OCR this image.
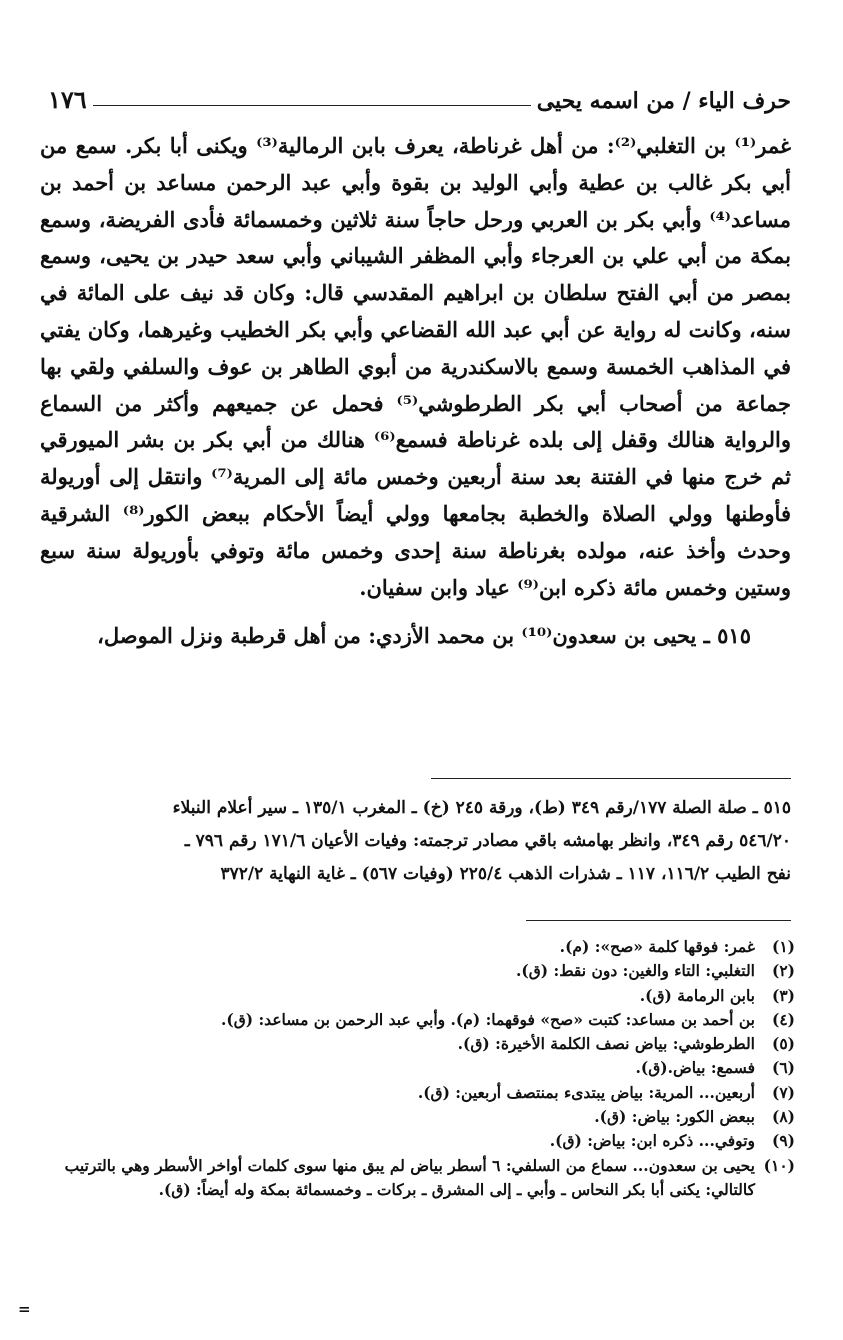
حرف الياء / من اسمه يحيى
١٧٦

غمر⁽¹⁾ بن التغلبي⁽²⁾: من أهل غرناطة، يعرف بابن الرمالية⁽³⁾ ويكنى أبا بكر. سمع من أبي بكر غالب بن عطية وأبي الوليد بن بقوة وأبي عبد الرحمن مساعد بن أحمد بن مساعد⁽⁴⁾ وأبي بكر بن العربي ورحل حاجاً سنة ثلاثين وخمسمائة فأدى الفريضة، وسمع بمكة من أبي علي بن العرجاء وأبي المظفر الشيباني وأبي سعد حيدر بن يحيى، وسمع بمصر من أبي الفتح سلطان بن ابراهيم المقدسي قال: وكان قد نيف على المائة في سنه، وكانت له رواية عن أبي عبد الله القضاعي وأبي بكر الخطيب وغيرهما، وكان يفتي في المذاهب الخمسة وسمع بالاسكندرية من أبوي الطاهر بن عوف والسلفي ولقي بها جماعة من أصحاب أبي بكر الطرطوشي⁽⁵⁾ فحمل عن جميعهم وأكثر من السماع والرواية هنالك وقفل إلى بلده غرناطة فسمع⁽⁶⁾ هنالك من أبي بكر بن بشر الميورقي ثم خرج منها في الفتنة بعد سنة أربعين وخمس مائة إلى المرية⁽⁷⁾ وانتقل إلى أوريولة فأوطنها وولي الصلاة والخطبة بجامعها وولي أيضاً الأحكام ببعض الكور⁽⁸⁾ الشرقية وحدث وأخذ عنه، مولده بغرناطة سنة إحدى وخمس مائة وتوفي بأوريولة سنة سبع وستين وخمس مائة ذكره ابن⁽⁹⁾ عياد وابن سفيان.

٥١٥ ـ يحيى بن سعدون⁽¹⁰⁾ بن محمد الأزدي: من أهل قرطبة ونزل الموصل،

٥١٥ ـ صلة الصلة ١٧٧/رقم ٣٤٩ (ط)، ورقة ٢٤٥ (خ) ـ المغرب ١٣٥/١ ـ سير أعلام النبلاء

٥٤٦/٢٠ رقم ٣٤٩، وانظر بهامشه باقي مصادر ترجمته: وفيات الأعيان ١٧١/٦ رقم ٧٩٦ ـ

نفح الطيب ١١٦/٢، ١١٧ ـ شذرات الذهب ٢٢٥/٤ (وفيات ٥٦٧) ـ غاية النهاية ٣٧٢/٢

(١)
غمر: فوقها كلمة «صح»: (م).
(٢)
التغلبي: التاء والغين: دون نقط: (ق).
(٣)
بابن الرمامة (ق).
(٤)
بن أحمد بن مساعد: كتبت «صح» فوقهما: (م). وأبي عبد الرحمن بن مساعد: (ق).
(٥)
الطرطوشي: بياض نصف الكلمة الأخيرة: (ق).
(٦)
فسمع: بياض.(ق).
(٧)
أربعين... المرية: بياض يبتدىء بمنتصف أربعين: (ق).
(٨)
ببعض الكور: بياض: (ق).
(٩)
وتوفي... ذكره ابن: بياض: (ق).
(١٠)
يحيى بن سعدون... سماع من السلفي: ٦ أسطر بياض لم يبق منها سوى كلمات أواخر الأسطر وهي بالترتيب كالتالي: يكنى أبا بكر النحاس ـ وأبي ـ إلى المشرق ـ بركات ـ وخمسمائة بمكة وله أيضاً: (ق).
=
